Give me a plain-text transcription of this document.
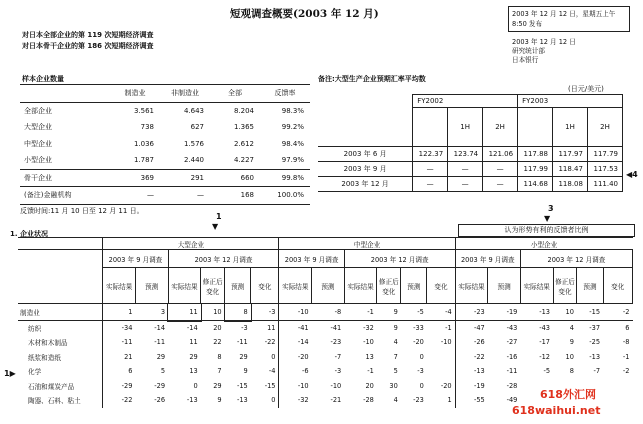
短观调查概要(2003 年 12 月)
对日本全部企业的第 119 次短期经济调查
对日本骨干企业的第 186 次短期经济调查
2003 年 12 月 12 日，星期五上午
8:50 发布
2003 年 12 月 12 日
研究统计部
日本银行
样本企业数量
	制造业	非制造业	全部	反馈率
全部企业	3.561	4.643	8.204	98.3%
大型企业	738	627	1.365	99.2%
中型企业	1.036	1.576	2.612	98.4%
小型企业	1.787	2.440	4.227	97.9%
骨干企业	369	291	660	99.8%
(备注)金融机构	—	—	168	100.0%
反馈时间:11 月 10 日至 12 月 11 日。
备注:大型生产企业预期汇率平均数
(日元/美元)
	FY2002			FY2003		
		1H	2H		1H	2H
2003 年 6 月	122.37	123.74	121.06	117.88	117.97	117.79
2003 年 9 月	—	—	—	117.99	118.47	117.53
2003 年 12 月	—	—	—	114.68	118.08	111.40
◀4
1
▼
3
▼
1. 企业状况	认为形势有利的反馈者比例
1▶
	大型企业						中型企业						小型企业					
	2003 年 9 月调查		2003 年 12 月调查				2003 年 9 月调查		2003 年 12 月调查				2003 年 9 月调查		2003 年 12 月调查			
	实际结果	预测	实际结果	修正后变化	预测	变化	实际结果	预测	实际结果	修正后变化	预测	变化	实际结果	预测	实际结果	修正后变化	预测	变化
制造业	1	3	11	10	8	-3	-10	-8	-1	9	-5	-4	-23	-19	-13	10	-15	-2
纺织	-34	-14	-14	20	-3	11	-41	-41	-32	9	-33	-1	-47	-43	-43	4	-37	6
木材和木制品	-11	-11	11	22	-11	-22	-14	-23	-10	4	-20	-10	-26	-27	-17	9	-25	-8
纸浆和造纸	21	29	29	8	29	0	-20	-7	13	7	0		-22	-16	-12	10	-13	-1
化学	6	5	13	7	9	-4	-6	-3	-1	5	-3		-13	-11	-5	8	-7	-2
石油和煤炭产品	-29	-29	0	29	-15	-15	-10	-10	20	30	0	-20	-19	-28				
陶器、石料、粘土	-22	-26	-13	9	-13	0	-32	-21	-28	4	-23	1	-55	-49				618外汇网
618waihui.net
